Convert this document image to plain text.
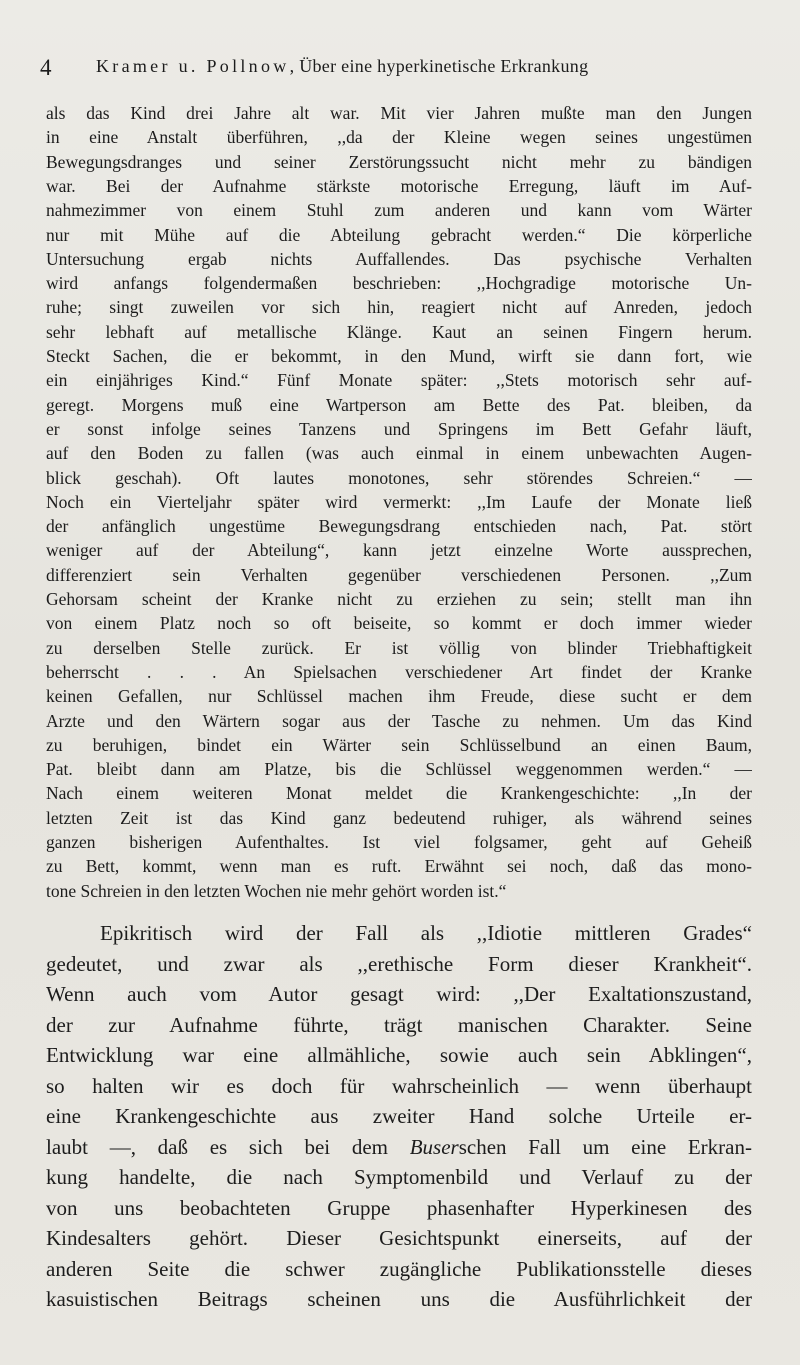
4 Kramer u. Pollnow, Über eine hyperkinetische Erkrankung
als das Kind drei Jahre alt war. Mit vier Jahren mußte man den Jungen
in eine Anstalt überführen, ,,da der Kleine wegen seines ungestümen
Bewegungsdranges und seiner Zerstörungssucht nicht mehr zu bändigen
war. Bei der Aufnahme stärkste motorische Erregung, läuft im Auf-
nahmezimmer von einem Stuhl zum anderen und kann vom Wärter
nur mit Mühe auf die Abteilung gebracht werden.“ Die körperliche
Untersuchung ergab nichts Auffallendes. Das psychische Verhalten
wird anfangs folgendermaßen beschrieben: ,,Hochgradige motorische Un-
ruhe; singt zuweilen vor sich hin, reagiert nicht auf Anreden, jedoch
sehr lebhaft auf metallische Klänge. Kaut an seinen Fingern herum.
Steckt Sachen, die er bekommt, in den Mund, wirft sie dann fort, wie
ein einjähriges Kind.“ Fünf Monate später: ,,Stets motorisch sehr auf-
geregt. Morgens muß eine Wartperson am Bette des Pat. bleiben, da
er sonst infolge seines Tanzens und Springens im Bett Gefahr läuft,
auf den Boden zu fallen (was auch einmal in einem unbewachten Augen-
blick geschah). Oft lautes monotones, sehr störendes Schreien.“ —
Noch ein Vierteljahr später wird vermerkt: ,,Im Laufe der Monate ließ
der anfänglich ungestüme Bewegungsdrang entschieden nach, Pat. stört
weniger auf der Abteilung“, kann jetzt einzelne Worte aussprechen,
differenziert sein Verhalten gegenüber verschiedenen Personen. ,,Zum
Gehorsam scheint der Kranke nicht zu erziehen zu sein; stellt man ihn
von einem Platz noch so oft beiseite, so kommt er doch immer wieder
zu derselben Stelle zurück. Er ist völlig von blinder Triebhaftigkeit
beherrscht . . . An Spielsachen verschiedener Art findet der Kranke
keinen Gefallen, nur Schlüssel machen ihm Freude, diese sucht er dem
Arzte und den Wärtern sogar aus der Tasche zu nehmen. Um das Kind
zu beruhigen, bindet ein Wärter sein Schlüsselbund an einen Baum,
Pat. bleibt dann am Platze, bis die Schlüssel weggenommen werden.“ —
Nach einem weiteren Monat meldet die Krankengeschichte: ,,In der
letzten Zeit ist das Kind ganz bedeutend ruhiger, als während seines
ganzen bisherigen Aufenthaltes. Ist viel folgsamer, geht auf Geheiß
zu Bett, kommt, wenn man es ruft. Erwähnt sei noch, daß das mono-
tone Schreien in den letzten Wochen nie mehr gehört worden ist.“
Epikritisch wird der Fall als ,,Idiotie mittleren Grades“
gedeutet, und zwar als ,,erethische Form dieser Krankheit“.
Wenn auch vom Autor gesagt wird: ,,Der Exaltationszustand,
der zur Aufnahme führte, trägt manischen Charakter. Seine
Entwicklung war eine allmähliche, sowie auch sein Abklingen“,
so halten wir es doch für wahrscheinlich — wenn überhaupt
eine Krankengeschichte aus zweiter Hand solche Urteile er-
laubt —, daß es sich bei dem Buserschen Fall um eine Erkran-
kung handelte, die nach Symptomenbild und Verlauf zu der
von uns beobachteten Gruppe phasenhafter Hyperkinesen des
Kindesalters gehört. Dieser Gesichtspunkt einerseits, auf der
anderen Seite die schwer zugängliche Publikationsstelle dieses
kasuistischen Beitrags scheinen uns die Ausführlichkeit der
